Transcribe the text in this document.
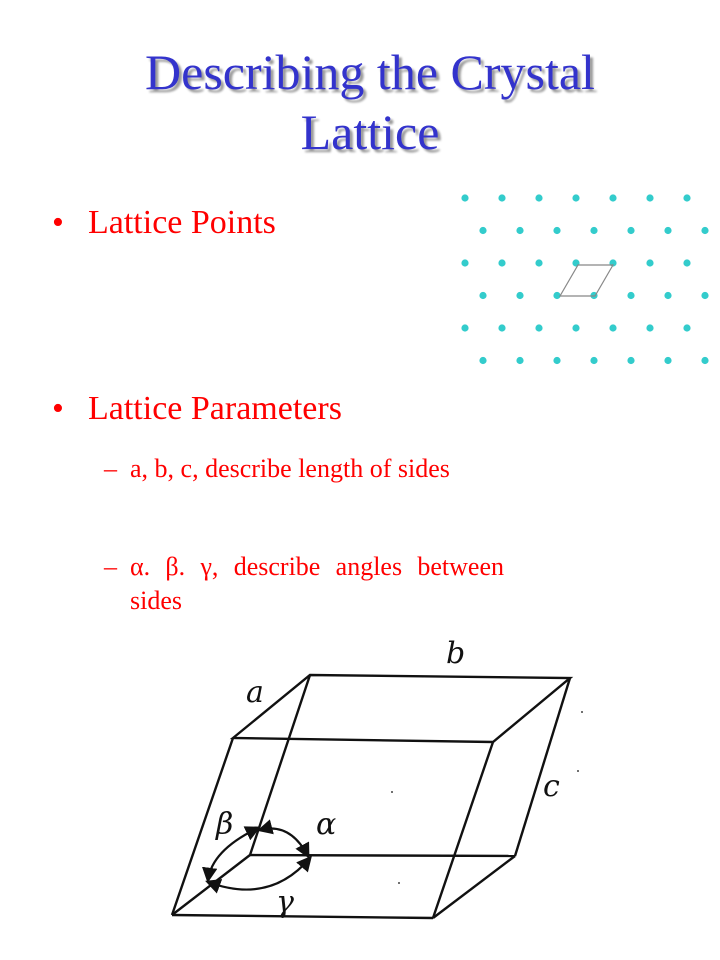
Describing the Crystal
Lattice
• Lattice Points
• Lattice Parameters
– a, b, c, describe length of sides
– α. β. γ, describe angles between sides
a
b
c
α
β
γ
